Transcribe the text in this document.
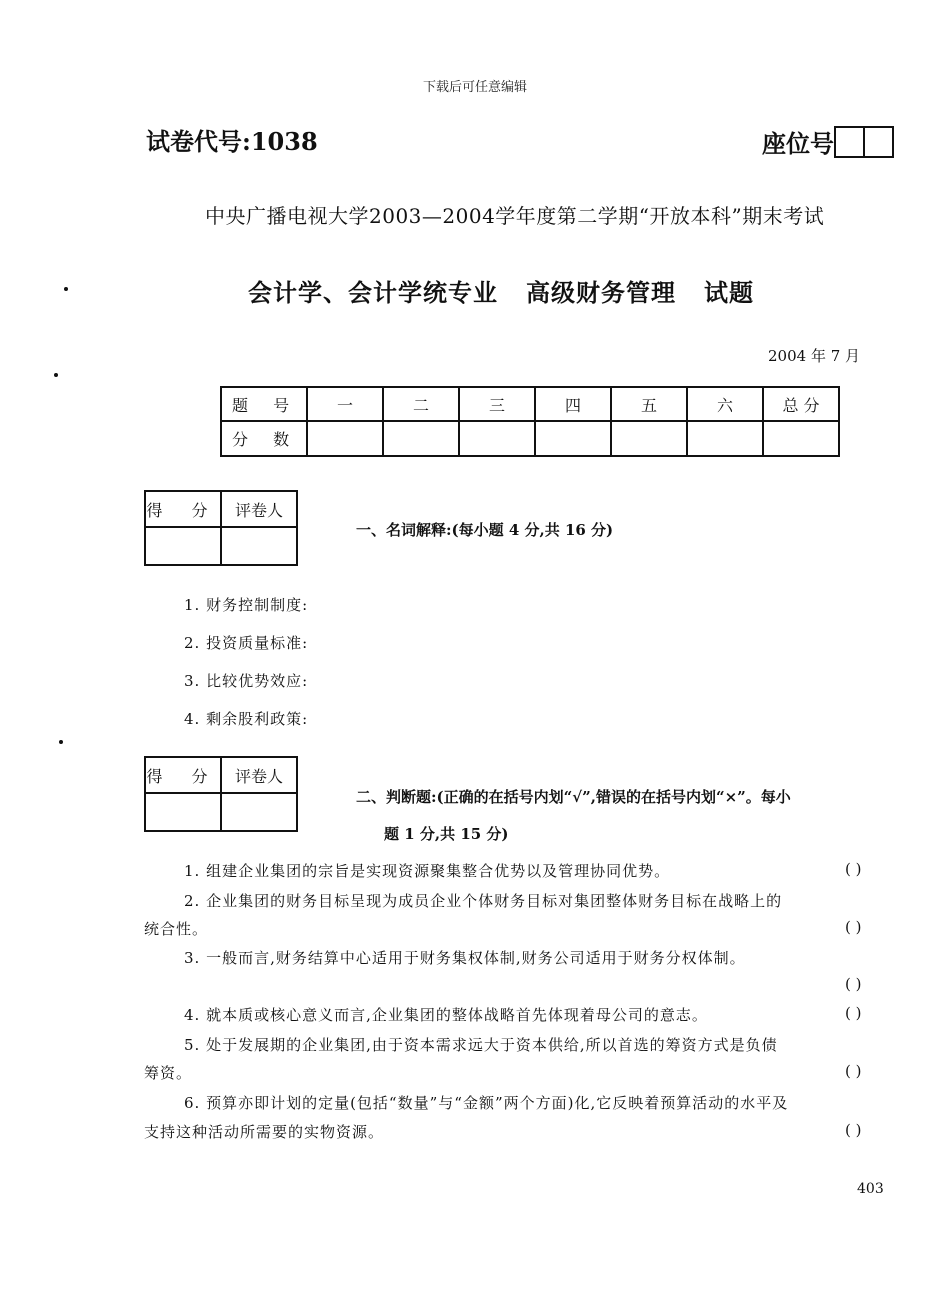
下载后可任意编辑
试卷代号:1038	座位号
中央广播电视大学2003—2004学年度第二学期“开放本科”期末考试
会计学、会计学统专业 高级财务管理 试题
2004 年 7 月
题 号	一	二	三	四	五	六	总 分
分 数							
得 分	评卷人

一、名词解释:(每小题 4 分,共 16 分)
1. 财务控制制度:
2. 投资质量标准:
3. 比较优势效应:
4. 剩余股利政策:
得 分	评卷人

二、判断题:(正确的在括号内划“√”,错误的在括号内划“×”。每小
题 1 分,共 15 分)
1. 组建企业集团的宗旨是实现资源聚集整合优势以及管理协同优势。	( )
2. 企业集团的财务目标呈现为成员企业个体财务目标对集团整体财务目标在战略上的
统合性。	( )
3. 一般而言,财务结算中心适用于财务集权体制,财务公司适用于财务分权体制。
( )
4. 就本质或核心意义而言,企业集团的整体战略首先体现着母公司的意志。	( )
5. 处于发展期的企业集团,由于资本需求远大于资本供给,所以首选的筹资方式是负债
筹资。	( )
6. 预算亦即计划的定量(包括“数量”与“金额”两个方面)化,它反映着预算活动的水平及
支持这种活动所需要的实物资源。	( )
403
